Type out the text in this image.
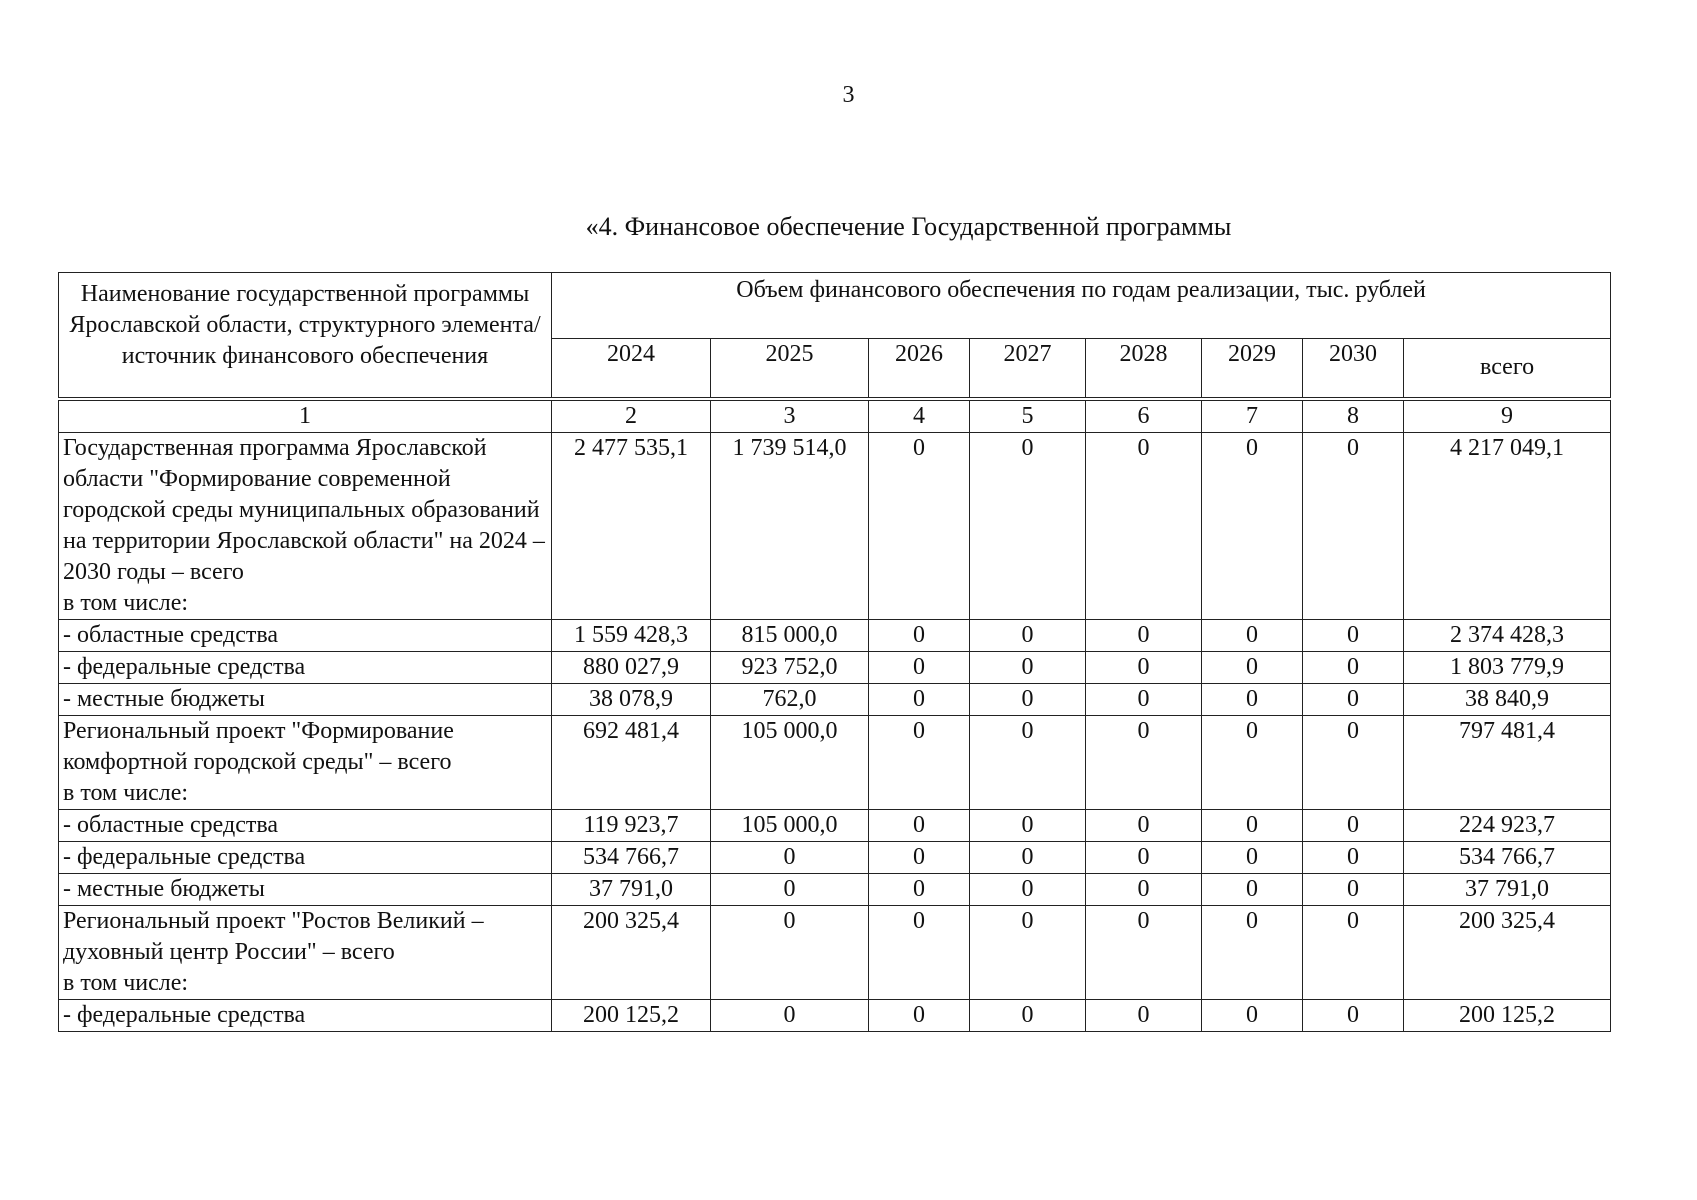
3
«4. Финансовое обеспечение Государственной программы
Наименование государственной программы Ярославской области, структурного элемента/ источник финансового обеспечения	Объем финансового обеспечения по годам реализации, тыс. рублей							
	2024	2025	2026	2027	2028	2029	2030	всего
1	2	3	4	5	6	7	8	9

Государственная программа Ярославской области "Формирование современной городской среды муниципальных образований на территории Ярославской области" на 2024 – 2030 годы – всего
в том числе:	2 477 535,1	1 739 514,0	0	0	0	0	0	4 217 049,1

- областные средства	1 559 428,3	815 000,0	0	0	0	0	0	2 374 428,3

- федеральные средства	880 027,9	923 752,0	0	0	0	0	0	1 803 779,9

- местные бюджеты	38 078,9	762,0	0	0	0	0	0	38 840,9

Региональный проект "Формирование комфортной городской среды" – всего
в том числе:	692 481,4	105 000,0	0	0	0	0	0	797 481,4

- областные средства	119 923,7	105 000,0	0	0	0	0	0	224 923,7

- федеральные средства	534 766,7	0	0	0	0	0	0	534 766,7

- местные бюджеты	37 791,0	0	0	0	0	0	0	37 791,0

Региональный проект "Ростов Великий – духовный центр России" – всего
в том числе:	200 325,4	0	0	0	0	0	0	200 325,4

- федеральные средства	200 125,2	0	0	0	0	0	0	200 125,2
